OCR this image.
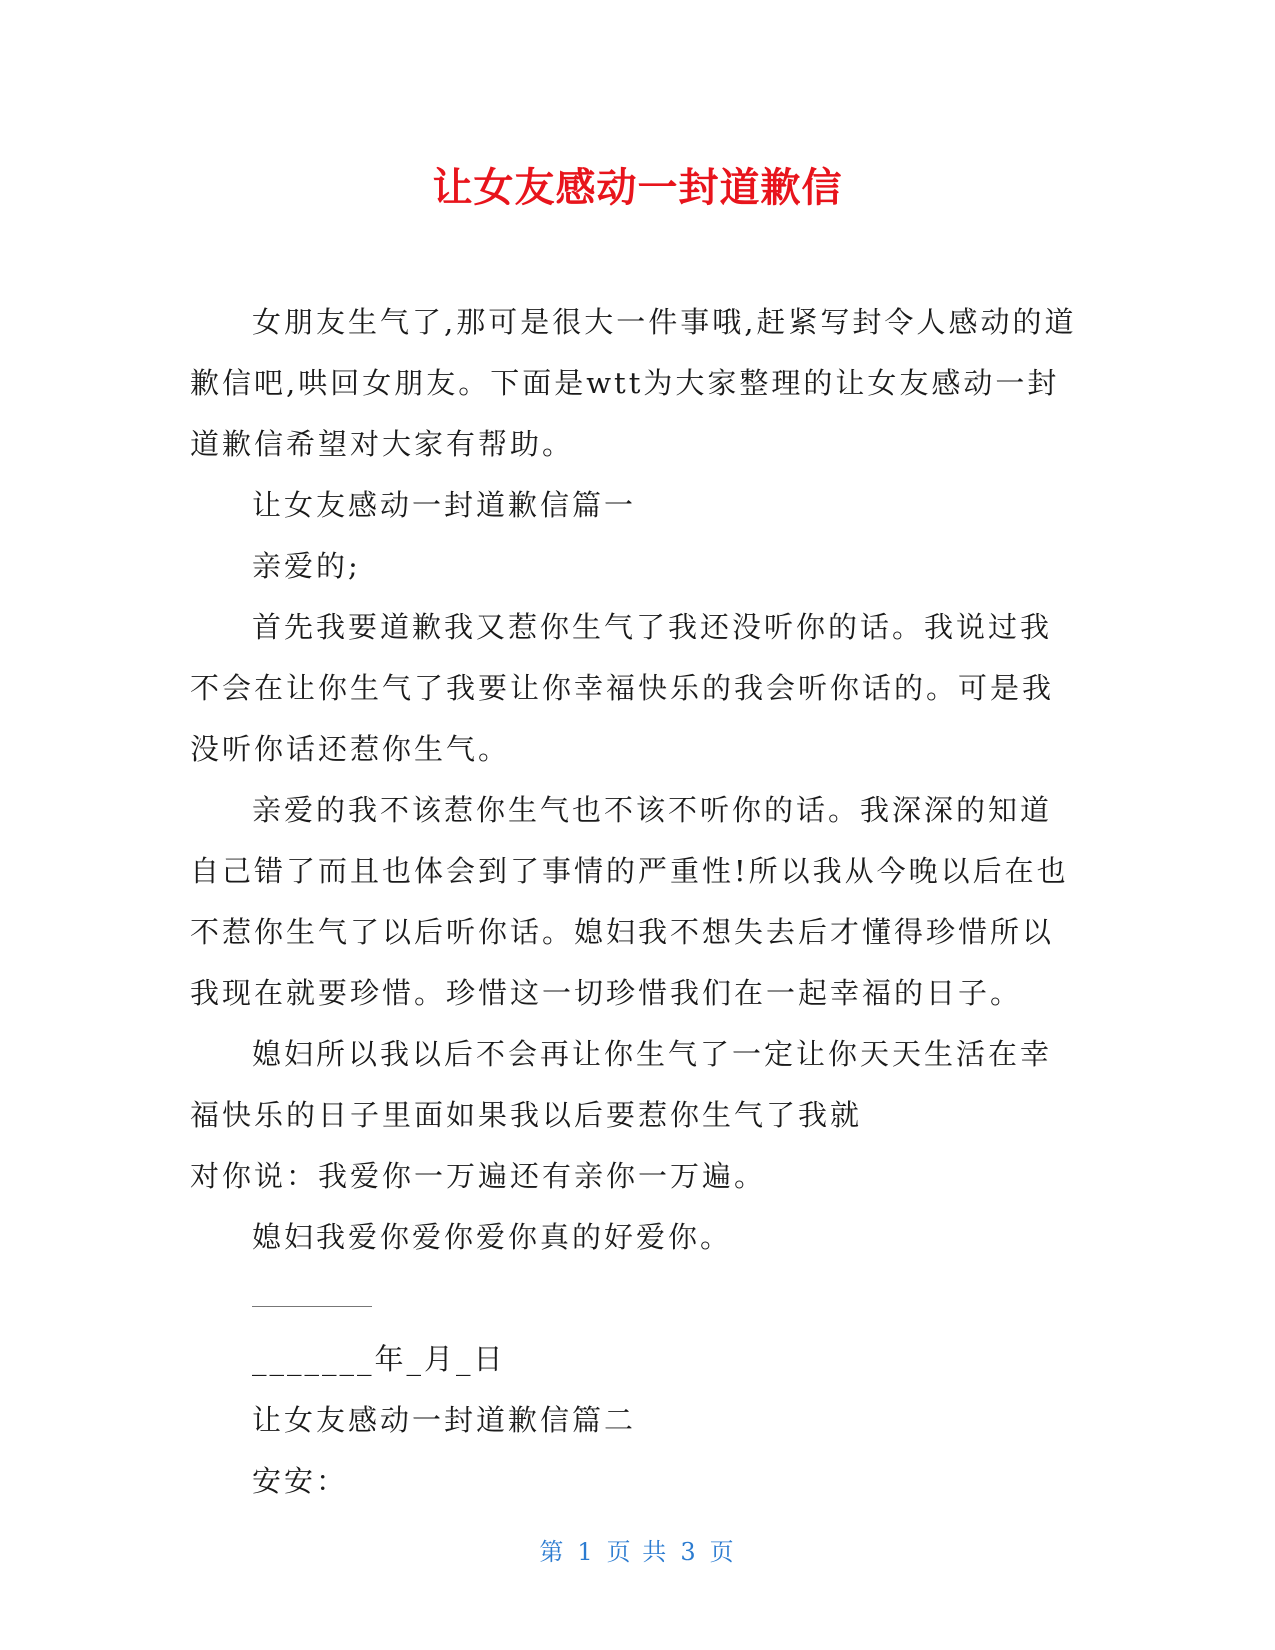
让女友感动一封道歉信

女朋友生气了,那可是很大一件事哦,赶紧写封令人感动的道歉信吧,哄回女朋友。下面是wtt为大家整理的让女友感动一封道歉信希望对大家有帮助。

让女友感动一封道歉信篇一

亲爱的;

首先我要道歉我又惹你生气了我还没听你的话。我说过我不会在让你生气了我要让你幸福快乐的我会听你话的。可是我没听你话还惹你生气。

亲爱的我不该惹你生气也不该不听你的话。我深深的知道自己错了而且也体会到了事情的严重性!所以我从今晚以后在也不惹你生气了以后听你话。媳妇我不想失去后才懂得珍惜所以我现在就要珍惜。珍惜这一切珍惜我们在一起幸福的日子。

媳妇所以我以后不会再让你生气了一定让你天天生活在幸福快乐的日子里面如果我以后要惹你生气了我就

对你说：我爱你一万遍还有亲你一万遍。

媳妇我爱你爱你爱你真的好爱你。

_______年_月_日

让女友感动一封道歉信篇二

安安：

第 1 页 共 3 页
